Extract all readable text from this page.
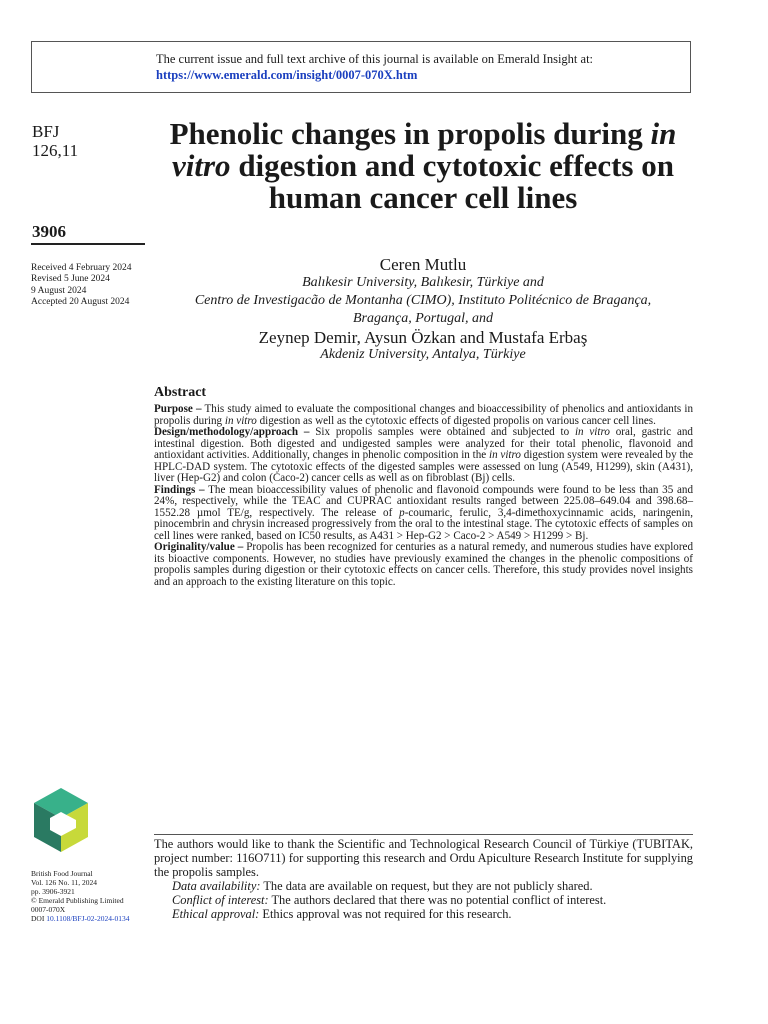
The current issue and full text archive of this journal is available on Emerald Insight at:
https://www.emerald.com/insight/0007-070X.htm
BFJ
126,11
3906
Received 4 February 2024
Revised 5 June 2024
9 August 2024
Accepted 20 August 2024
Phenolic changes in propolis during in vitro digestion and cytotoxic effects on human cancer cell lines
Ceren Mutlu
Balıkesir University, Balıkesir, Türkiye and
Centro de Investigacão de Montanha (CIMO), Instituto Politécnico de Bragança,
Bragança, Portugal, and
Zeynep Demir, Aysun Özkan and Mustafa Erbaş
Akdeniz University, Antalya, Türkiye
Abstract

Purpose – This study aimed to evaluate the compositional changes and bioaccessibility of phenolics and antioxidants in propolis during in vitro digestion as well as the cytotoxic effects of digested propolis on various cancer cell lines.

Design/methodology/approach – Six propolis samples were obtained and subjected to in vitro oral, gastric and intestinal digestion. Both digested and undigested samples were analyzed for their total phenolic, flavonoid and antioxidant activities. Additionally, changes in phenolic composition in the in vitro digestion system were revealed by the HPLC-DAD system. The cytotoxic effects of the digested samples were assessed on lung (A549, H1299), skin (A431), liver (Hep-G2) and colon (Caco-2) cancer cells as well as on fibroblast (Bj) cells.

Findings – The mean bioaccessibility values of phenolic and flavonoid compounds were found to be less than 35 and 24%, respectively, while the TEAC and CUPRAC antioxidant results ranged between 225.08–649.04 and 398.68–1552.28 µmol TE/g, respectively. The release of p-coumaric, ferulic, 3,4-dimethoxycinnamic acids, naringenin, pinocembrin and chrysin increased progressively from the oral to the intestinal stage. The cytotoxic effects of samples on cell lines were ranked, based on IC50 results, as A431 > Hep-G2 > Caco-2 > A549 > H1299 > Bj.

Originality/value – Propolis has been recognized for centuries as a natural remedy, and numerous studies have explored its bioactive components. However, no studies have previously examined the changes in the phenolic compositions of propolis samples during digestion or their cytotoxic effects on cancer cells. Therefore, this study provides novel insights and an approach to the existing literature on this topic.

British Food Journal
Vol. 126 No. 11, 2024
pp. 3906-3921
© Emerald Publishing Limited
0007-070X
DOI 10.1108/BFJ-02-2024-0134

The authors would like to thank the Scientific and Technological Research Council of Türkiye (TUBITAK, project number: 116O711) for supporting this research and Ordu Apiculture Research Institute for supplying the propolis samples.

Data availability: The data are available on request, but they are not publicly shared.

Conflict of interest: The authors declared that there was no potential conflict of interest.

Ethical approval: Ethics approval was not required for this research.
